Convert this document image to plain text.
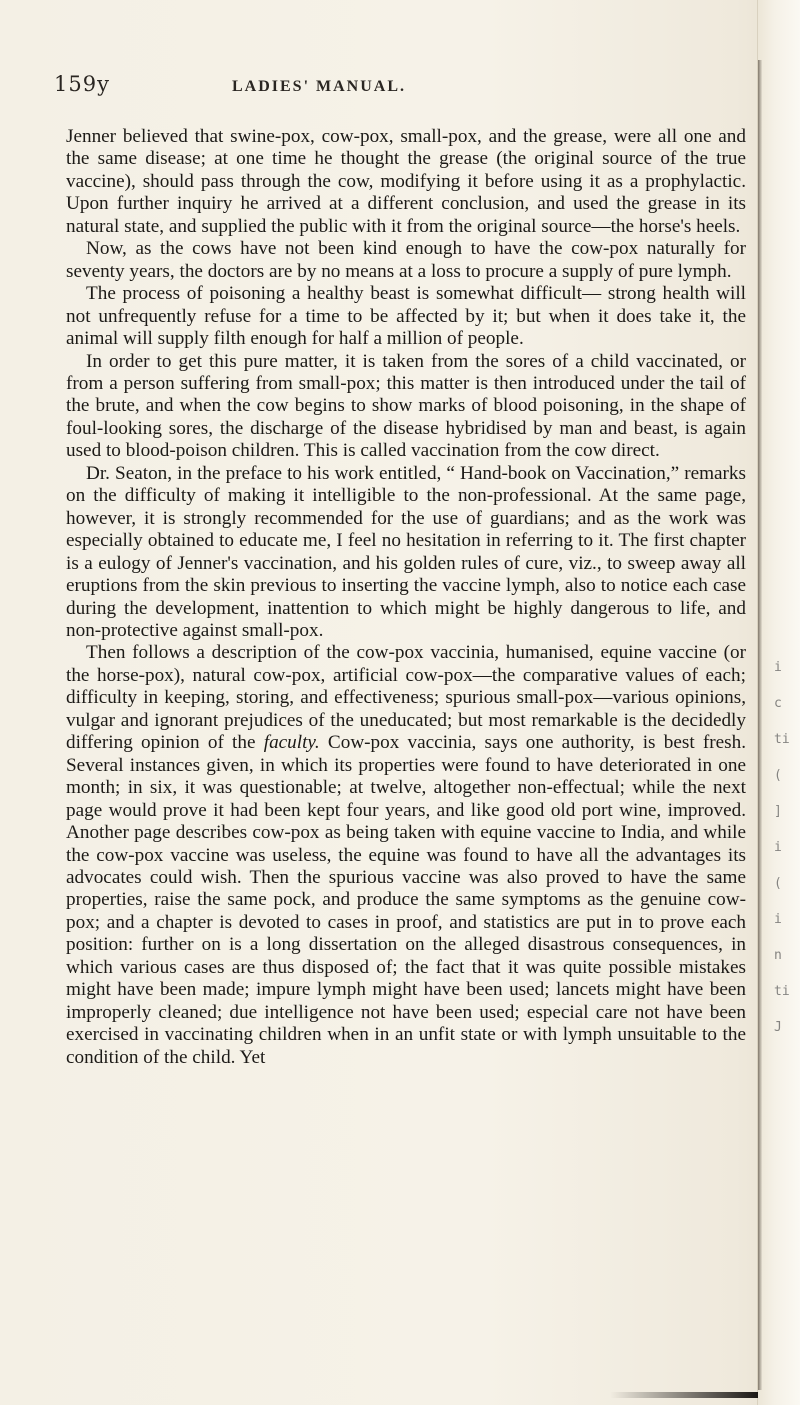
159y	LADIES' MANUAL.

Jenner believed that swine-pox, cow-pox, small-pox, and the grease, were all one and the same disease; at one time he thought the grease (the original source of the true vaccine), should pass through the cow, modifying it before using it as a prophylactic. Upon further inquiry he arrived at a different conclusion, and used the grease in its natural state, and supplied the public with it from the original source—the horse's heels.

Now, as the cows have not been kind enough to have the cow-pox naturally for seventy years, the doctors are by no means at a loss to procure a supply of pure lymph.

The process of poisoning a healthy beast is somewhat difficult— strong health will not unfrequently refuse for a time to be affected by it; but when it does take it, the animal will supply filth enough for half a million of people.

In order to get this pure matter, it is taken from the sores of a child vaccinated, or from a person suffering from small-pox; this matter is then introduced under the tail of the brute, and when the cow begins to show marks of blood poisoning, in the shape of foul-looking sores, the discharge of the disease hybridised by man and beast, is again used to blood-poison children. This is called vaccination from the cow direct.

Dr. Seaton, in the preface to his work entitled, “ Hand-book on Vaccination,” remarks on the difficulty of making it intelligible to the non-professional. At the same page, however, it is strongly recommended for the use of guardians; and as the work was especially obtained to educate me, I feel no hesitation in referring to it. The first chapter is a eulogy of Jenner's vaccination, and his golden rules of cure, viz., to sweep away all eruptions from the skin previous to inserting the vaccine lymph, also to notice each case during the development, inattention to which might be highly dangerous to life, and non-protective against small-pox.

Then follows a description of the cow-pox vaccinia, humanised, equine vaccine (or the horse-pox), natural cow-pox, artificial cow-pox—the comparative values of each; difficulty in keeping, storing, and effectiveness; spurious small-pox—various opinions, vulgar and ignorant prejudices of the uneducated; but most remarkable is the decidedly differing opinion of the faculty. Cow-pox vaccinia, says one authority, is best fresh. Several instances given, in which its properties were found to have deteriorated in one month; in six, it was questionable; at twelve, altogether non-effectual; while the next page would prove it had been kept four years, and like good old port wine, improved. Another page describes cow-pox as being taken with equine vaccine to India, and while the cow-pox vaccine was useless, the equine was found to have all the advantages its advocates could wish. Then the spurious vaccine was also proved to have the same properties, raise the same pock, and produce the same symptoms as the genuine cow-pox; and a chapter is devoted to cases in proof, and statistics are put in to prove each position: further on is a long dissertation on the alleged disastrous consequences, in which various cases are thus disposed of; the fact that it was quite possible mistakes might have been made; impure lymph might have been used; lancets might have been improperly cleaned; due intelligence not have been used; especial care not have been exercised in vaccinating children when in an unfit state or with lymph unsuitable to the condition of the child. Yet

i
c
ti
(
]
i
(
i
n
ti
J
